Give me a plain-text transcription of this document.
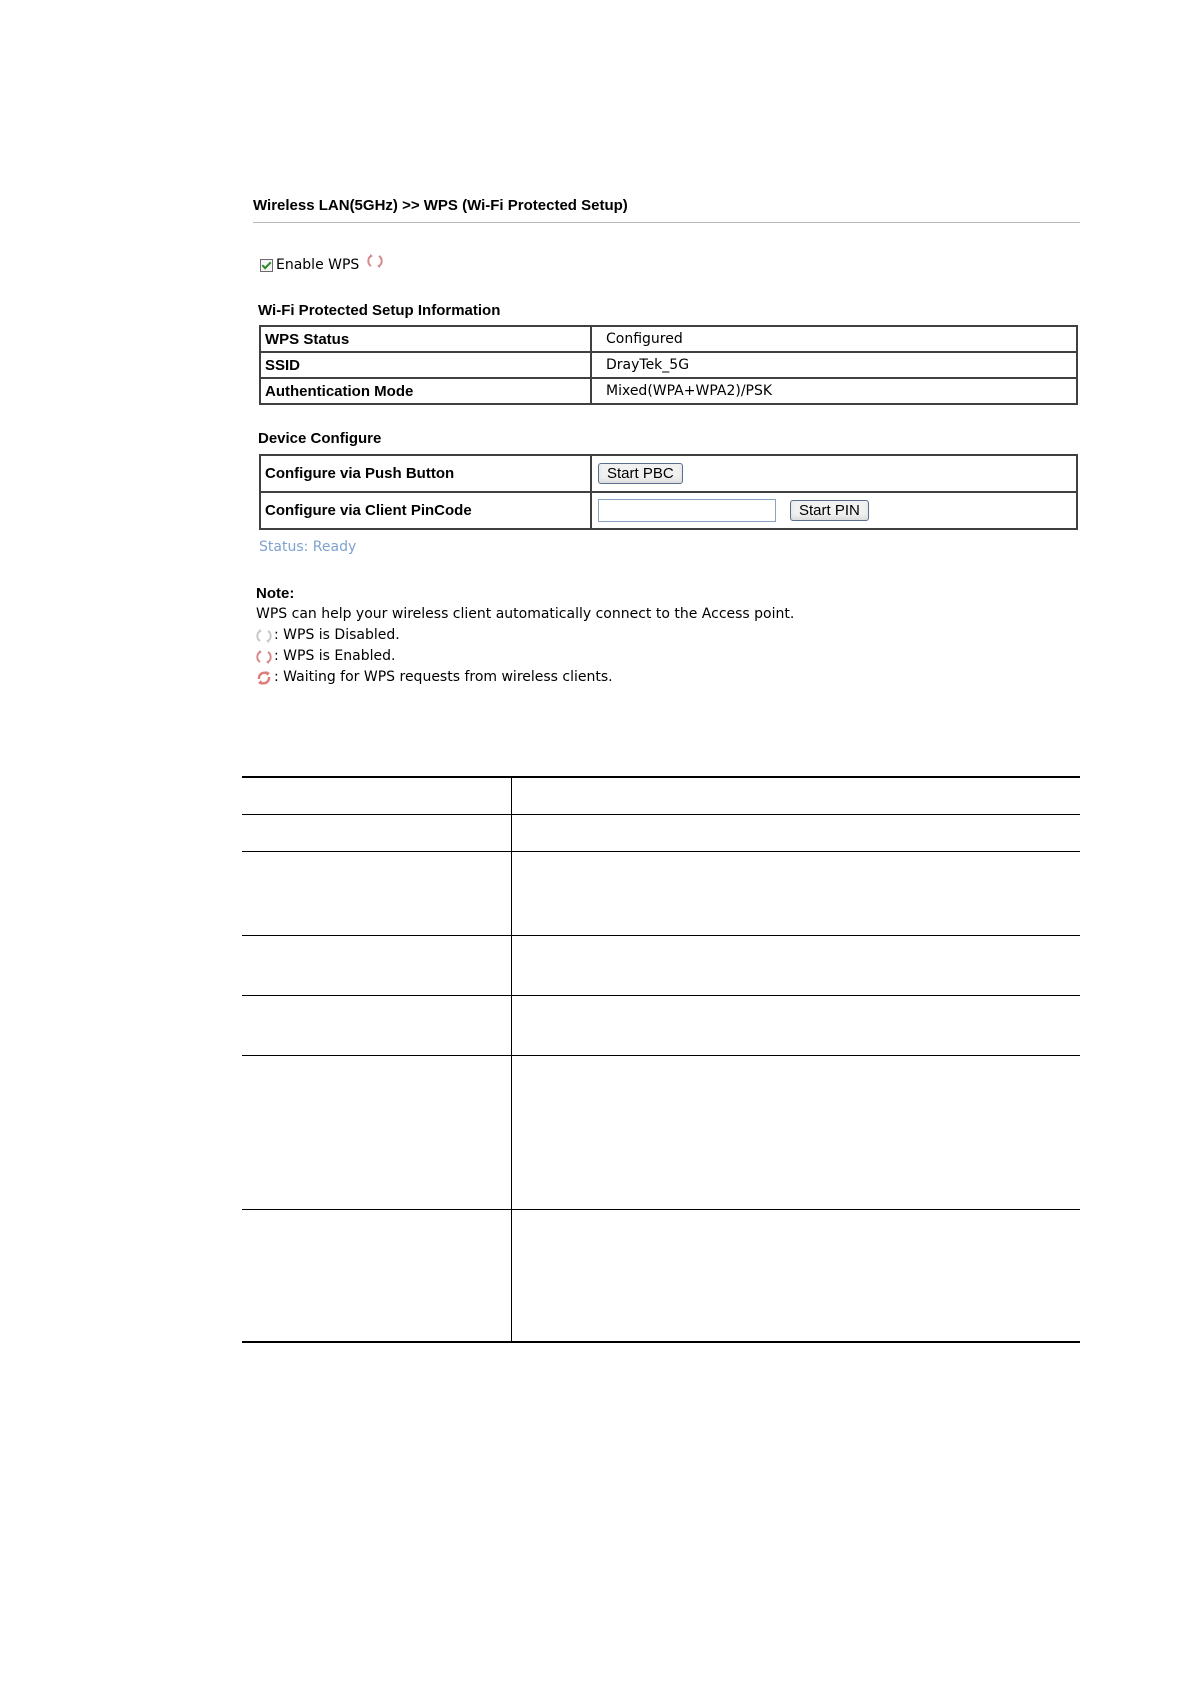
Wireless LAN(5GHz) >> WPS (Wi-Fi Protected Setup)
Enable WPS
Wi-Fi Protected Setup Information
WPS Status	Configured
SSID	DrayTek_5G
Authentication Mode	Mixed(WPA+WPA2)/PSK
Device Configure
Configure via Push Button	Start PBC
Configure via Client PinCode	Start PIN
Status: Ready
Note:
WPS can help your wireless client automatically connect to the Access point.
: WPS is Disabled.
: WPS is Enabled.
: Waiting for WPS requests from wireless clients.
